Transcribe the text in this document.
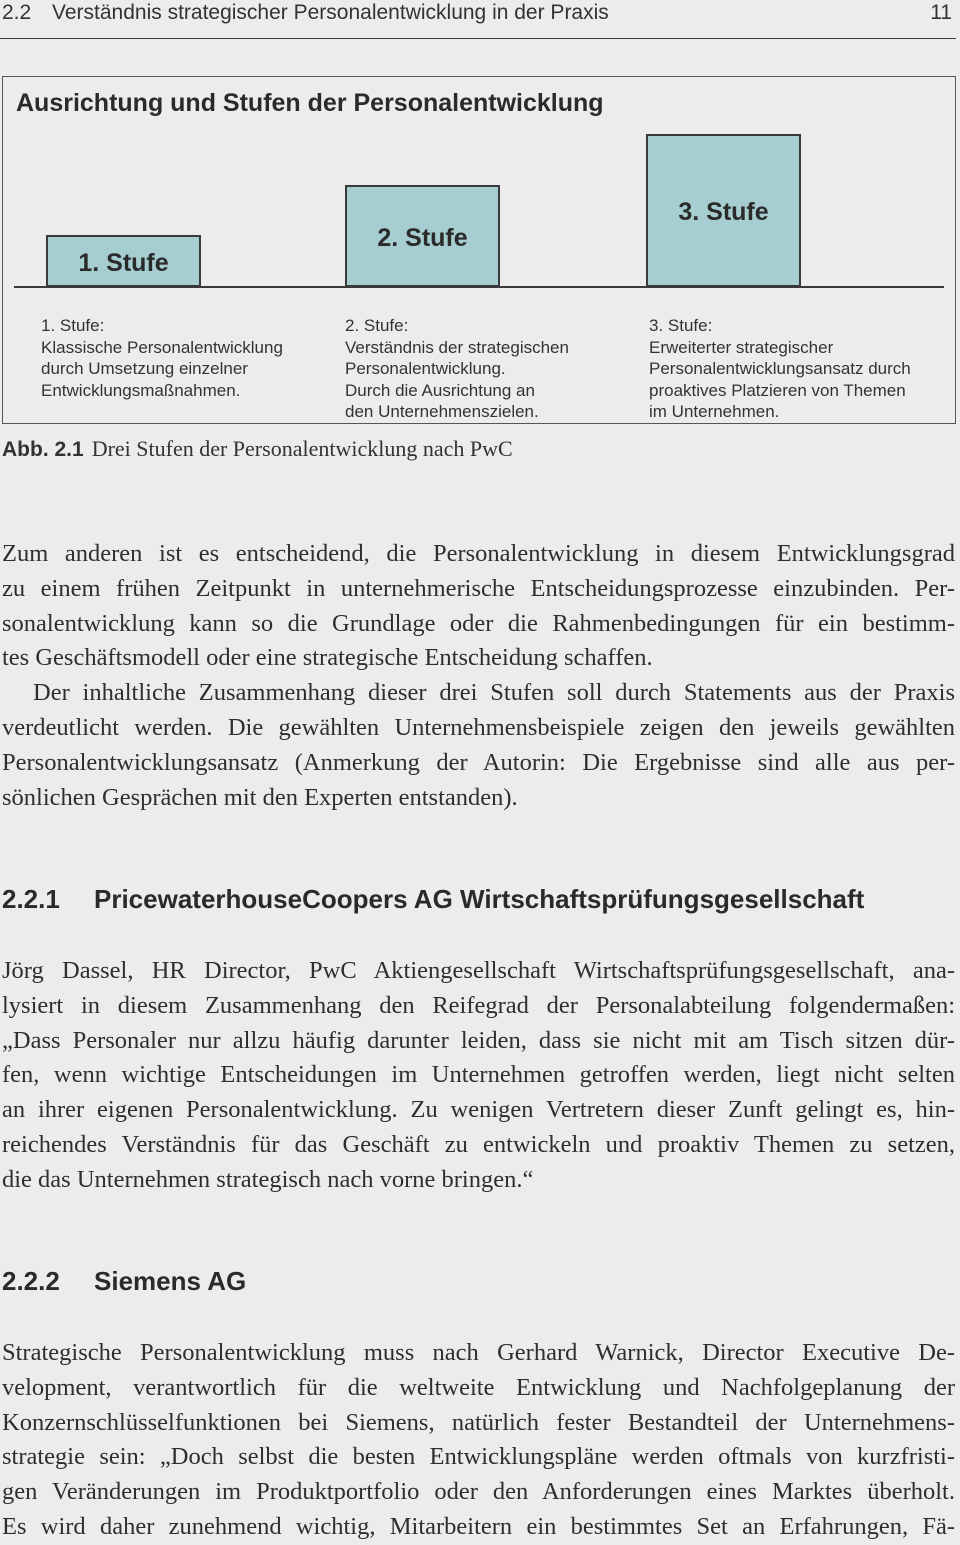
2.2 Verständnis strategischer Personalentwicklung in der Praxis	11
Ausrichtung und Stufen der Personalentwicklung
1. Stufe
2. Stufe
3. Stufe
1. Stufe:
Klassische Personalentwicklung
durch Umsetzung einzelner
Entwicklungsmaßnahmen.
2. Stufe:
Verständnis der strategischen
Personalentwicklung.
Durch die Ausrichtung an
den Unternehmenszielen.
3. Stufe:
Erweiterter strategischer
Personalentwicklungsansatz durch
proaktives Platzieren von Themen
im Unternehmen.
Abb. 2.1 Drei Stufen der Personalentwicklung nach PwC
Zum anderen ist es entscheidend, die Personalentwicklung in diesem Entwicklungsgrad
zu einem frühen Zeitpunkt in unternehmerische Entscheidungsprozesse einzubinden. Per-
sonalentwicklung kann so die Grundlage oder die Rahmenbedingungen für ein bestimm-
tes Geschäftsmodell oder eine strategische Entscheidung schaffen.
Der inhaltliche Zusammenhang dieser drei Stufen soll durch Statements aus der Praxis
verdeutlicht werden. Die gewählten Unternehmensbeispiele zeigen den jeweils gewählten
Personalentwicklungsansatz (Anmerkung der Autorin: Die Ergebnisse sind alle aus per-
sönlichen Gesprächen mit den Experten entstanden).
2.2.1 PricewaterhouseCoopers AG Wirtschaftsprüfungsgesellschaft
Jörg Dassel, HR Director, PwC Aktiengesellschaft Wirtschaftsprüfungsgesellschaft, ana-
lysiert in diesem Zusammenhang den Reifegrad der Personalabteilung folgendermaßen:
„Dass Personaler nur allzu häufig darunter leiden, dass sie nicht mit am Tisch sitzen dür-
fen, wenn wichtige Entscheidungen im Unternehmen getroffen werden, liegt nicht selten
an ihrer eigenen Personalentwicklung. Zu wenigen Vertretern dieser Zunft gelingt es, hin-
reichendes Verständnis für das Geschäft zu entwickeln und proaktiv Themen zu setzen,
die das Unternehmen strategisch nach vorne bringen.“
2.2.2 Siemens AG
Strategische Personalentwicklung muss nach Gerhard Warnick, Director Executive De-
velopment, verantwortlich für die weltweite Entwicklung und Nachfolgeplanung der
Konzernschlüsselfunktionen bei Siemens, natürlich fester Bestandteil der Unternehmens-
strategie sein: „Doch selbst die besten Entwicklungspläne werden oftmals von kurzfristi-
gen Veränderungen im Produktportfolio oder den Anforderungen eines Marktes überholt.
Es wird daher zunehmend wichtig, Mitarbeitern ein bestimmtes Set an Erfahrungen, Fä-
